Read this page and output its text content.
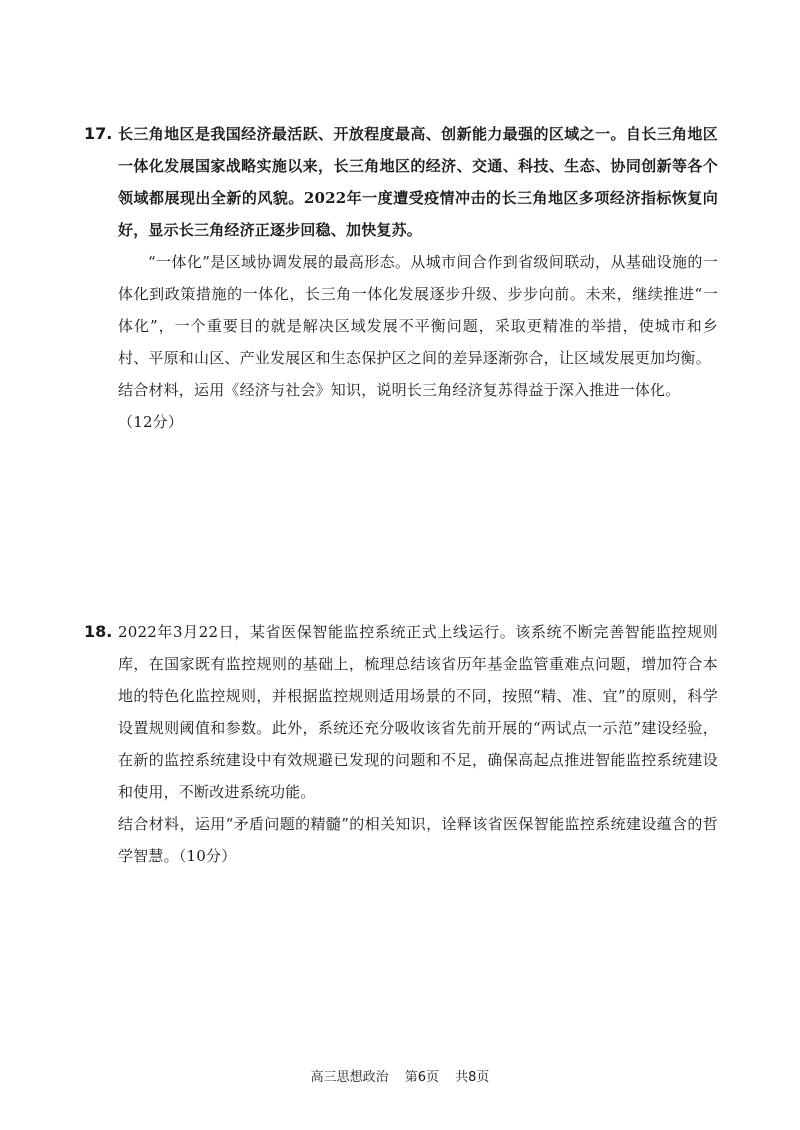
17. 长三角地区是我国经济最活跃、开放程度最高、创新能力最强的区域之一。自长三角地区一体化发展国家战略实施以来，长三角地区的经济、交通、科技、生态、协同创新等各个领域都展现出全新的风貌。2022年一度遭受疫情冲击的长三角地区多项经济指标恢复向好，显示长三角经济正逐步回稳、加快复苏。

“一体化”是区域协调发展的最高形态。从城市间合作到省级间联动，从基础设施的一体化到政策措施的一体化，长三角一体化发展逐步升级、步步向前。未来，继续推进“一体化”，一个重要目的就是解决区域发展不平衡问题，采取更精准的举措，使城市和乡村、平原和山区、产业发展区和生态保护区之间的差异逐渐弥合，让区域发展更加均衡。

结合材料，运用《经济与社会》知识，说明长三角经济复苏得益于深入推进一体化。

（12分）

18. 2022年3月22日，某省医保智能监控系统正式上线运行。该系统不断完善智能监控规则库，在国家既有监控规则的基础上，梳理总结该省历年基金监管重难点问题，增加符合本地的特色化监控规则，并根据监控规则适用场景的不同，按照“精、准、宜”的原则，科学设置规则阈值和参数。此外，系统还充分吸收该省先前开展的“两试点一示范”建设经验，在新的监控系统建设中有效规避已发现的问题和不足，确保高起点推进智能监控系统建设和使用，不断改进系统功能。

结合材料，运用“矛盾问题的精髓”的相关知识，诠释该省医保智能监控系统建设蕴含的哲学智慧。（10分）

高三思想政治 第6页 共8页
